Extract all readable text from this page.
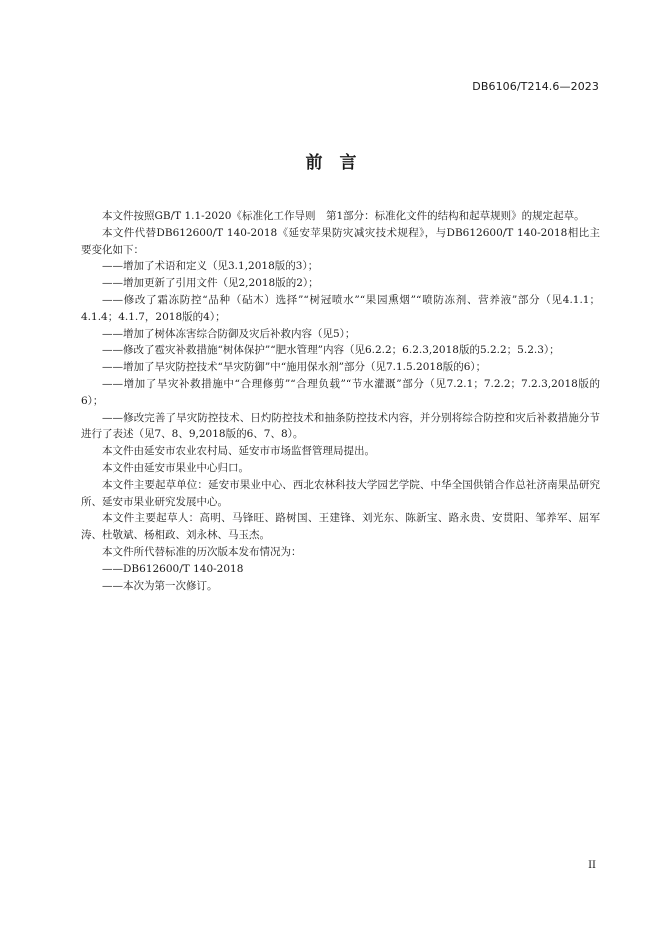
DB6106/T214.6—2023
前　言

本文件按照GB/T 1.1-2020《标准化工作导则　第1部分：标准化文件的结构和起草规则》的规定起草。

本文件代替DB612600/T 140-2018《延安苹果防灾减灾技术规程》，与DB612600/T 140-2018相比主要变化如下：

——增加了术语和定义（见3.1,2018版的3）；

——增加更新了引用文件（见2,2018版的2）；

——修改了霜冻防控“品种（砧木）选择”“树冠喷水”“果园熏烟”“喷防冻剂、营养液”部分（见4.1.1；4.1.4；4.1.7，2018版的4）；

——增加了树体冻害综合防御及灾后补救内容（见5）；

——修改了雹灾补救措施“树体保护”“肥水管理”内容（见6.2.2；6.2.3,2018版的5.2.2；5.2.3）；

——增加了旱灾防控技术“旱灾防御”中“施用保水剂”部分（见7.1.5.2018版的6）；

——增加了旱灾补救措施中“合理修剪”“合理负载”“节水灌溉”部分（见7.2.1；7.2.2；7.2.3,2018版的6）；

——修改完善了旱灾防控技术、日灼防控技术和抽条防控技术内容，并分别将综合防控和灾后补救措施分节进行了表述（见7、8、9,2018版的6、7、8）。

本文件由延安市农业农村局、延安市市场监督管理局提出。

本文件由延安市果业中心归口。

本文件主要起草单位：延安市果业中心、西北农林科技大学园艺学院、中华全国供销合作总社济南果品研究所、延安市果业研究发展中心。

本文件主要起草人：高明、马锋旺、路树国、王建锋、刘光东、陈新宝、路永贵、安贯阳、邹养军、屈军涛、杜敬斌、杨相政、刘永林、马玉杰。

本文件所代替标准的历次版本发布情况为：

——DB612600/T 140-2018

——本次为第一次修订。

II
